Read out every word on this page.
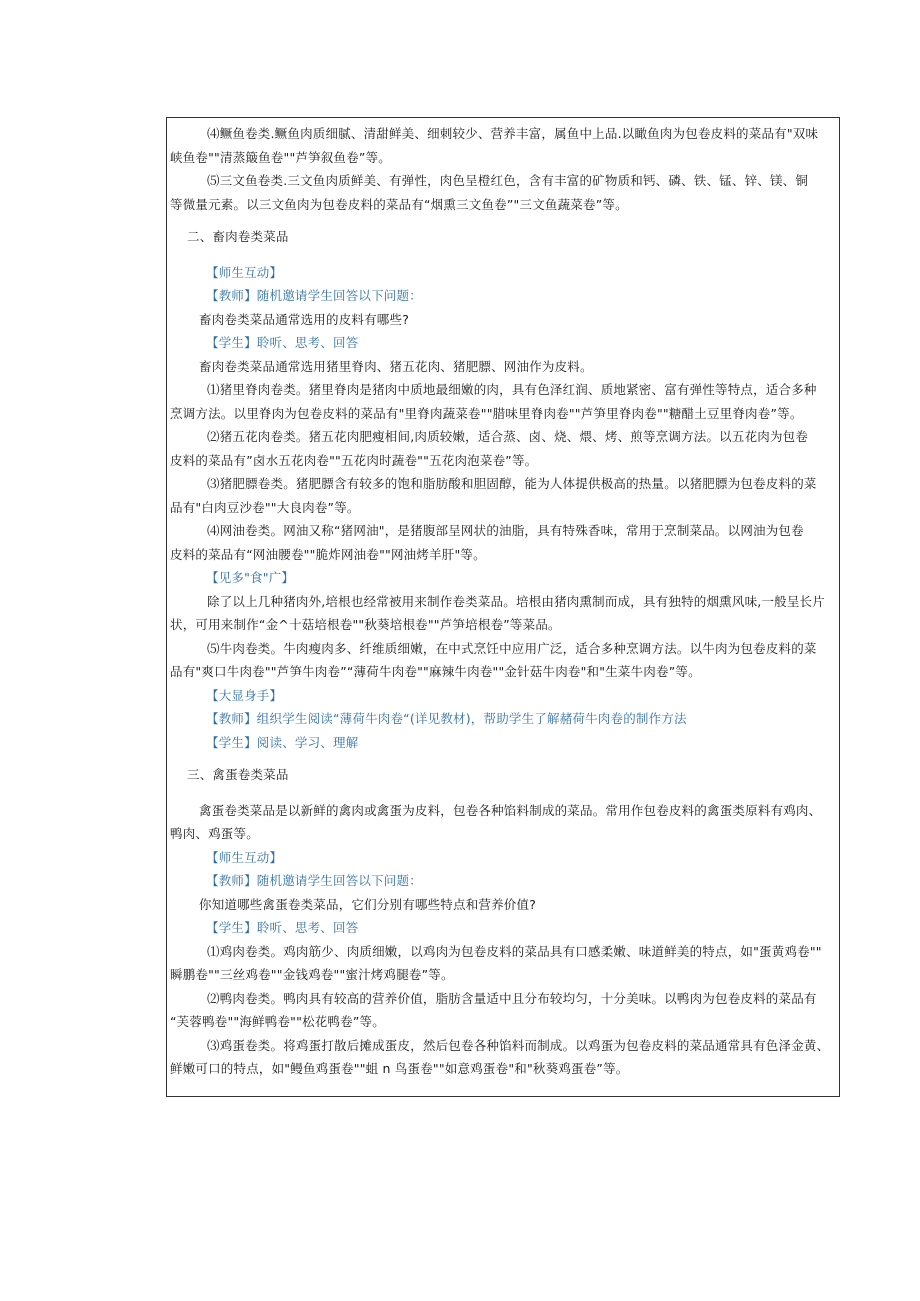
⑷鳜鱼卷类.鳜鱼肉质细腻、清甜鲜美、细刺较少、营养丰富，属鱼中上品.以瞰鱼肉为包卷皮料的菜品有"双味

峡鱼卷""清蒸簸鱼卷""芦笋叙鱼卷”等。

⑸三文鱼卷类.三文鱼肉质鲜美、有弹性，肉色呈橙红色，含有丰富的矿物质和钙、磷、铁、锰、锌、镁、铜

等微量元素。以三文鱼肉为包卷皮料的菜品有“烟熏三文鱼卷”"三文鱼蔬菜卷”等。

二、畜肉卷类菜品

【师生互动】

【教师】随机邀请学生回答以下问题：

畜肉卷类菜品通常选用的皮料有哪些?

【学生】聆听、思考、回答

畜肉卷类菜品通常选用猪里脊肉、猪五花肉、猪肥膘、网油作为皮料。

⑴猪里脊肉卷类。猪里脊肉是猪肉中质地最细嫩的肉，具有色泽红润、质地紧密、富有弹性等特点，适合多种

烹调方法。以里脊肉为包卷皮料的菜品有"里脊肉蔬菜卷""腊味里脊肉卷""芦笋里脊肉卷""糖醋土豆里脊肉卷”等。

⑵猪五花肉卷类。猪五花肉肥瘦相间,肉质较嫩，适合蒸、卤、烧、煨、烤、煎等烹调方法。以五花肉为包卷

皮料的菜品有”卤水五花肉卷""五花肉时蔬卷""五花肉泡菜卷”等。

⑶猪肥膘卷类。猪肥膘含有较多的饱和脂肪酸和胆固醇，能为人体提供极高的热量。以猪肥膘为包卷皮料的菜

品有"白肉豆沙卷""大良肉卷”等。

⑷网油卷类。网油又称“猪网油"，是猪腹部呈网状的油脂，具有特殊香味，常用于烹制菜品。以网油为包卷

皮料的菜品有“网油腰卷""脆炸网油卷""网油烤羊肝"等。

【见多"食"广】

除了以上几种猪肉外,培根也经常被用来制作卷类菜品。培根由猪肉熏制而成，具有独特的烟熏风味,一般呈长片

状，可用来制作“金^十菇培根卷""秋葵培根卷""芦笋培根卷”等菜品。

⑸牛肉卷类。牛肉瘦肉多、纤维质细嫩，在中式烹饪中应用广泛，适合多种烹调方法。以牛肉为包卷皮料的菜

品有"爽口牛肉卷""芦笋牛肉卷”“薄荷牛肉卷""麻辣牛肉卷""金针菇牛肉卷"和"生菜牛肉卷”等。

【大显身手】

【教师】组织学生阅读“薄荷牛肉卷“(详见教材)，帮助学生了解赭荷牛肉卷的制作方法

【学生】阅读、学习、理解

三、禽蛋卷类菜品

禽蛋卷类菜品是以新鲜的禽肉或禽蛋为皮料，包卷各种馅料制成的菜品。常用作包卷皮料的禽蛋类原料有鸡肉、

鸭肉、鸡蛋等。

【师生互动】

【教师】随机邀请学生回答以下问题：

你知道哪些禽蛋卷类菜品，它们分别有哪些特点和营养价值?

【学生】聆听、思考、回答

⑴鸡肉卷类。鸡肉筋少、肉质细嫩，以鸡肉为包卷皮料的菜品具有口感柔嫩、味道鲜美的特点，如"蛋黄鸡卷""

瞬鹏卷""三丝鸡卷""金钱鸡卷""蜜汁烤鸡腿卷”等。

⑵鸭肉卷类。鸭肉具有较高的营养价值，脂肪含量适中且分布较均匀，十分美味。以鸭肉为包卷皮料的菜品有

“芙蓉鸭卷""海鲜鸭卷""松花鸭卷”等。

⑶鸡蛋卷类。将鸡蛋打散后摊成蛋皮，然后包卷各种馅料而制成。以鸡蛋为包卷皮料的菜品通常具有色泽金黄、

鲜嫩可口的特点，如"鳗鱼鸡蛋卷""蛆 n 鸟蛋卷""如意鸡蛋卷"和"秋葵鸡蛋卷”等。
